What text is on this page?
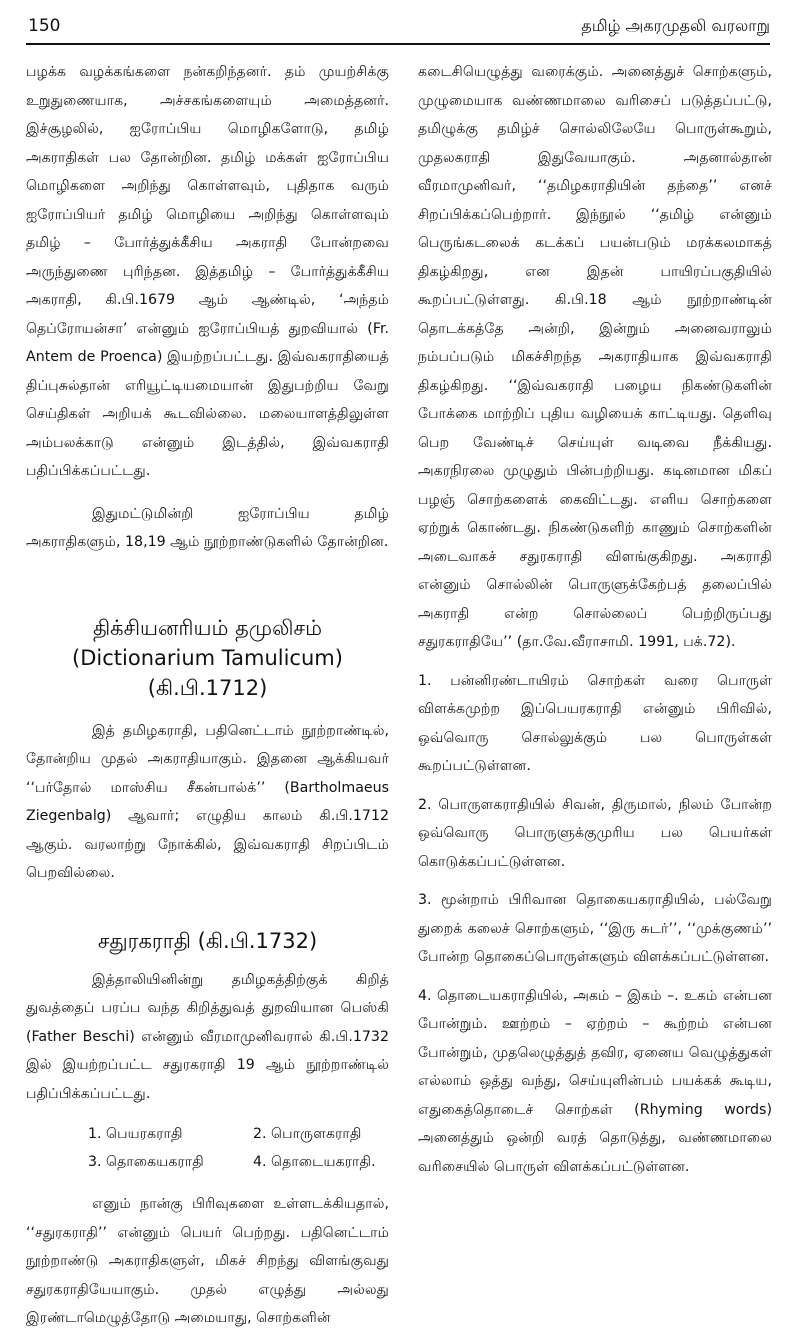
150	தமிழ் அகரமுதலி வரலாறு

பழக்க வழக்கங்களை நன்கறிந்தனர். தம் முயற்சிக்கு உறுதுணையாக, அச்சகங்களையும் அமைத்தனர். இச்சூழலில், ஐரோப்பிய மொழிகளோடு, தமிழ் அகராதிகள் பல தோன்றின. தமிழ் மக்கள் ஐரோப்பிய மொழிகளை அறிந்து கொள்ளவும், புதிதாக வரும் ஐரோப்பியர் தமிழ் மொழியை அறிந்து கொள்ளவும் தமிழ் – போர்த்துக்கீசிய அகராதி போன்றவை அருந்துணை புரிந்தன. இத்தமிழ் – போர்த்துக்கீசிய அகராதி, கி.பி.1679 ஆம் ஆண்டில், ‘அந்தம் தெப்ரோயன்சா’ என்னும் ஐரோப்பியத் துறவியால் (Fr. Antem de Proenca) இயற்றப்பட்டது. இவ்வகராதியைத் திப்புசுல்தான் எரியூட்டியமையான் இதுபற்றிய வேறு செய்திகள் அறியக் கூடவில்லை. மலையாளத்திலுள்ள அம்பலக்காடு என்னும் இடத்தில், இவ்வகராதி பதிப்பிக்கப்பட்டது.

இதுமட்டுமின்றி ஐரோப்பிய தமிழ் அகராதிகளும், 18,19 ஆம் நூற்றாண்டுகளில் தோன்றின.

திக்சியனரியம் தமுலிசம்
(Dictionarium Tamulicum) (கி.பி.1712)

இத் தமிழகராதி, பதினெட்டாம் நூற்றாண்டில், தோன்றிய முதல் அகராதியாகும். இதனை ஆக்கியவர் ‘‘பர்தோல் மாஸ்சிய சீகன்பால்க்’’ (Bartholmaeus Ziegenbalg) ஆவார்; எழுதிய காலம் கி.பி.1712 ஆகும். வரலாற்று நோக்கில், இவ்வகராதி சிறப்பிடம் பெறவில்லை.

சதுரகராதி (கி.பி.1732)

இத்தாலியினின்று தமிழகத்திற்குக் கிறித் துவத்தைப் பரப்ப வந்த கிறித்துவத் துறவியான பெஸ்கி (Father Beschi) என்னும் வீரமாமுனிவரால் கி.பி.1732 இல் இயற்றப்பட்ட சதுரகராதி 19 ஆம் நூற்றாண்டில் பதிப்பிக்கப்பட்டது.

1. பெயரகராதி	2. பொருளகராதி
3. தொகையகராதி	4. தொடையகராதி.

எனும் நான்கு பிரிவுகளை உள்ளடக்கியதால், ‘‘சதுரகராதி’’ என்னும் பெயர் பெற்றது. பதினெட்டாம் நூற்றாண்டு அகராதிகளுள், மிகச் சிறந்து விளங்குவது சதுரகராதியேயாகும். முதல் எழுத்து அல்லது இரண்டாமெழுத்தோடு அமையாது, சொற்களின்

கடைசியெழுத்து வரைக்கும். அனைத்துச் சொற்களும், முழுமையாக வண்ணமாலை வரிசைப் படுத்தப்பட்டு, தமிழுக்கு தமிழ்ச் சொல்லிலேயே பொருள்கூறும், முதலகராதி இதுவேயாகும். அதனால்தான் வீரமாமுனிவர், ‘‘தமிழகராதியின் தந்தை’’ எனச் சிறப்பிக்கப்பெற்றார். இந்நூல் ‘‘தமிழ் என்னும் பெருங்கடலைக் கடக்கப் பயன்படும் மரக்கலமாகத் திகழ்கிறது, என இதன் பாயிரப்பகுதியில் கூறப்பட்டுள்ளது. கி.பி.18 ஆம் நூற்றாண்டின் தொடக்கத்தே அன்றி, இன்றும் அனைவராலும் நம்பப்படும் மிகச்சிறந்த அகராதியாக இவ்வகராதி திகழ்கிறது. ‘‘இவ்வகராதி பழைய நிகண்டுகளின் போக்கை மாற்றிப் புதிய வழியைக் காட்டியது. தெளிவு பெற வேண்டிச் செய்யுள் வடிவை நீக்கியது. அகரநிரலை முழுதும் பின்பற்றியது. கடினமான மிகப் பழஞ் சொற்களைக் கைவிட்டது. எளிய சொற்களை ஏற்றுக் கொண்டது. நிகண்டுகளிற் காணும் சொற்களின் அடைவாகச் சதுரகராதி விளங்குகிறது. அகராதி என்னும் சொல்லின் பொருளுக்கேற்பத் தலைப்பில் அகராதி என்ற சொல்லைப் பெற்றிருப்பது சதுரகராதியே’’ (தா.வே.வீராசாமி. 1991, பக்.72).

1. பன்னிரண்டாயிரம் சொற்கள் வரை பொருள் விளக்கமுற்ற இப்பெயரகராதி என்னும் பிரிவில், ஒவ்வொரு சொல்லுக்கும் பல பொருள்கள் கூறப்பட்டுள்ளன.

2. பொருளகராதியில் சிவன், திருமால், நிலம் போன்ற ஒவ்வொரு பொருளுக்குமுரிய பல பெயர்கள் கொடுக்கப்பட்டுள்ளன.

3. மூன்றாம் பிரிவான தொகையகராதியில், பல்வேறு துறைக் கலைச் சொற்களும், ‘‘இரு சுடர்’’, ‘‘முக்குணம்’’ போன்ற தொகைப்பொருள்களும் விளக்கப்பட்டுள்ளன.

4. தொடையகராதியில், அகம் – இகம் –. உகம் என்பன போன்றும். ஊற்றம் – ஏற்றம் – கூற்றம் என்பன போன்றும், முதலெழுத்துத் தவிர, ஏனைய வெழுத்துகள் எல்லாம் ஒத்து வந்து, செய்யுளின்பம் பயக்கக் கூடிய, எதுகைத்தொடைச் சொற்கள் (Rhyming words) அனைத்தும் ஒன்றி வரத் தொடுத்து, வண்ணமாலை வரிசையில் பொருள் விளக்கப்பட்டுள்ளன.
